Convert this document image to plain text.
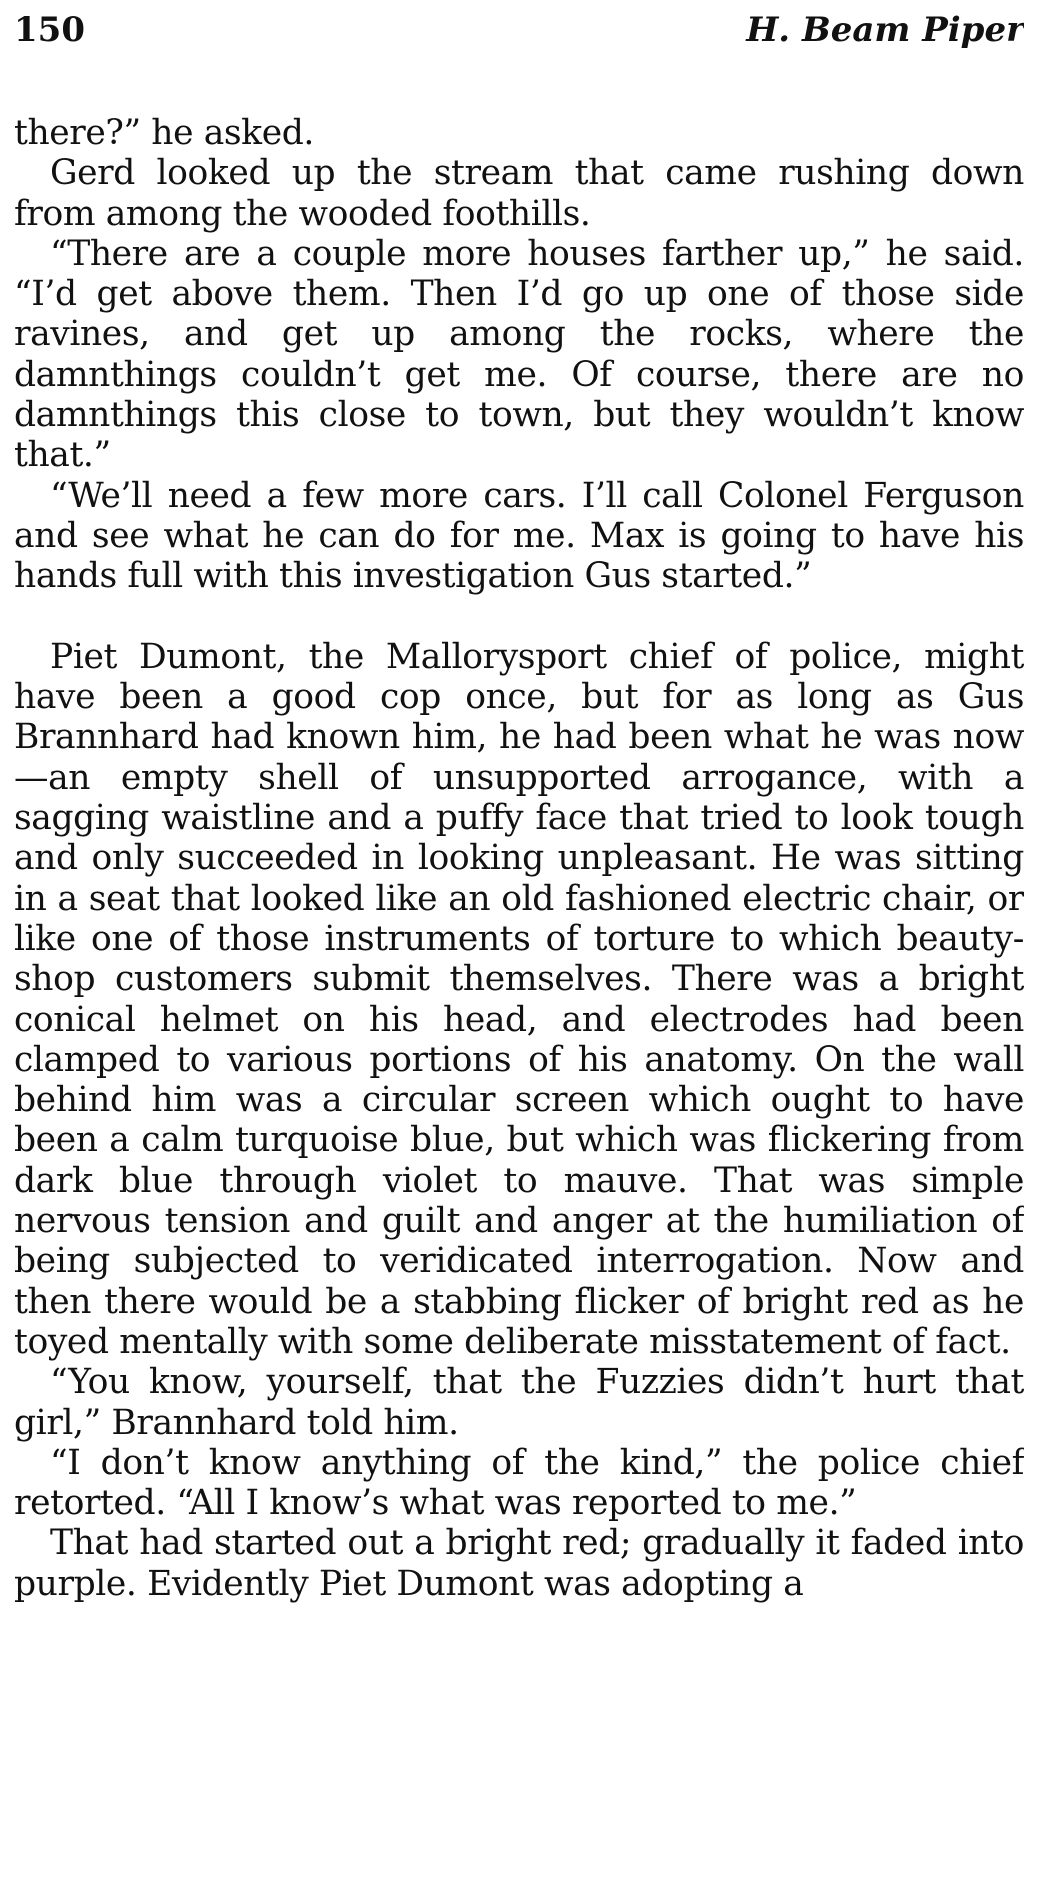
150	H. Beam Piper

there?” he asked.

Gerd looked up the stream that came rushing down from among the wooded foothills.

“There are a couple more houses farther up,” he said. “I’d get above them. Then I’d go up one of those side ravines, and get up among the rocks, where the damnthings couldn’t get me. Of course, there are no damnthings this close to town, but they wouldn’t know that.”

“We’ll need a few more cars. I’ll call Colonel Ferguson and see what he can do for me. Max is going to have his hands full with this investigation Gus started.”

Piet Dumont, the Mallorysport chief of police, might have been a good cop once, but for as long as Gus Brannhard had known him, he had been what he was now—an empty shell of unsupported arrogance, with a sagging waistline and a puffy face that tried to look tough and only succeeded in looking unpleasant. He was sitting in a seat that looked like an old fashioned electric chair, or like one of those instruments of torture to which beauty-shop customers submit themselves. There was a bright conical helmet on his head, and electrodes had been clamped to various portions of his anatomy. On the wall behind him was a circular screen which ought to have been a calm turquoise blue, but which was flickering from dark blue through violet to mauve. That was simple nervous tension and guilt and anger at the humiliation of being subjected to veridicated interrogation. Now and then there would be a stabbing flicker of bright red as he toyed mentally with some deliberate misstatement of fact.

“You know, yourself, that the Fuzzies didn’t hurt that girl,” Brannhard told him.

“I don’t know anything of the kind,” the police chief retorted. “All I know’s what was reported to me.”

That had started out a bright red; gradually it faded into purple. Evidently Piet Dumont was adopting a
